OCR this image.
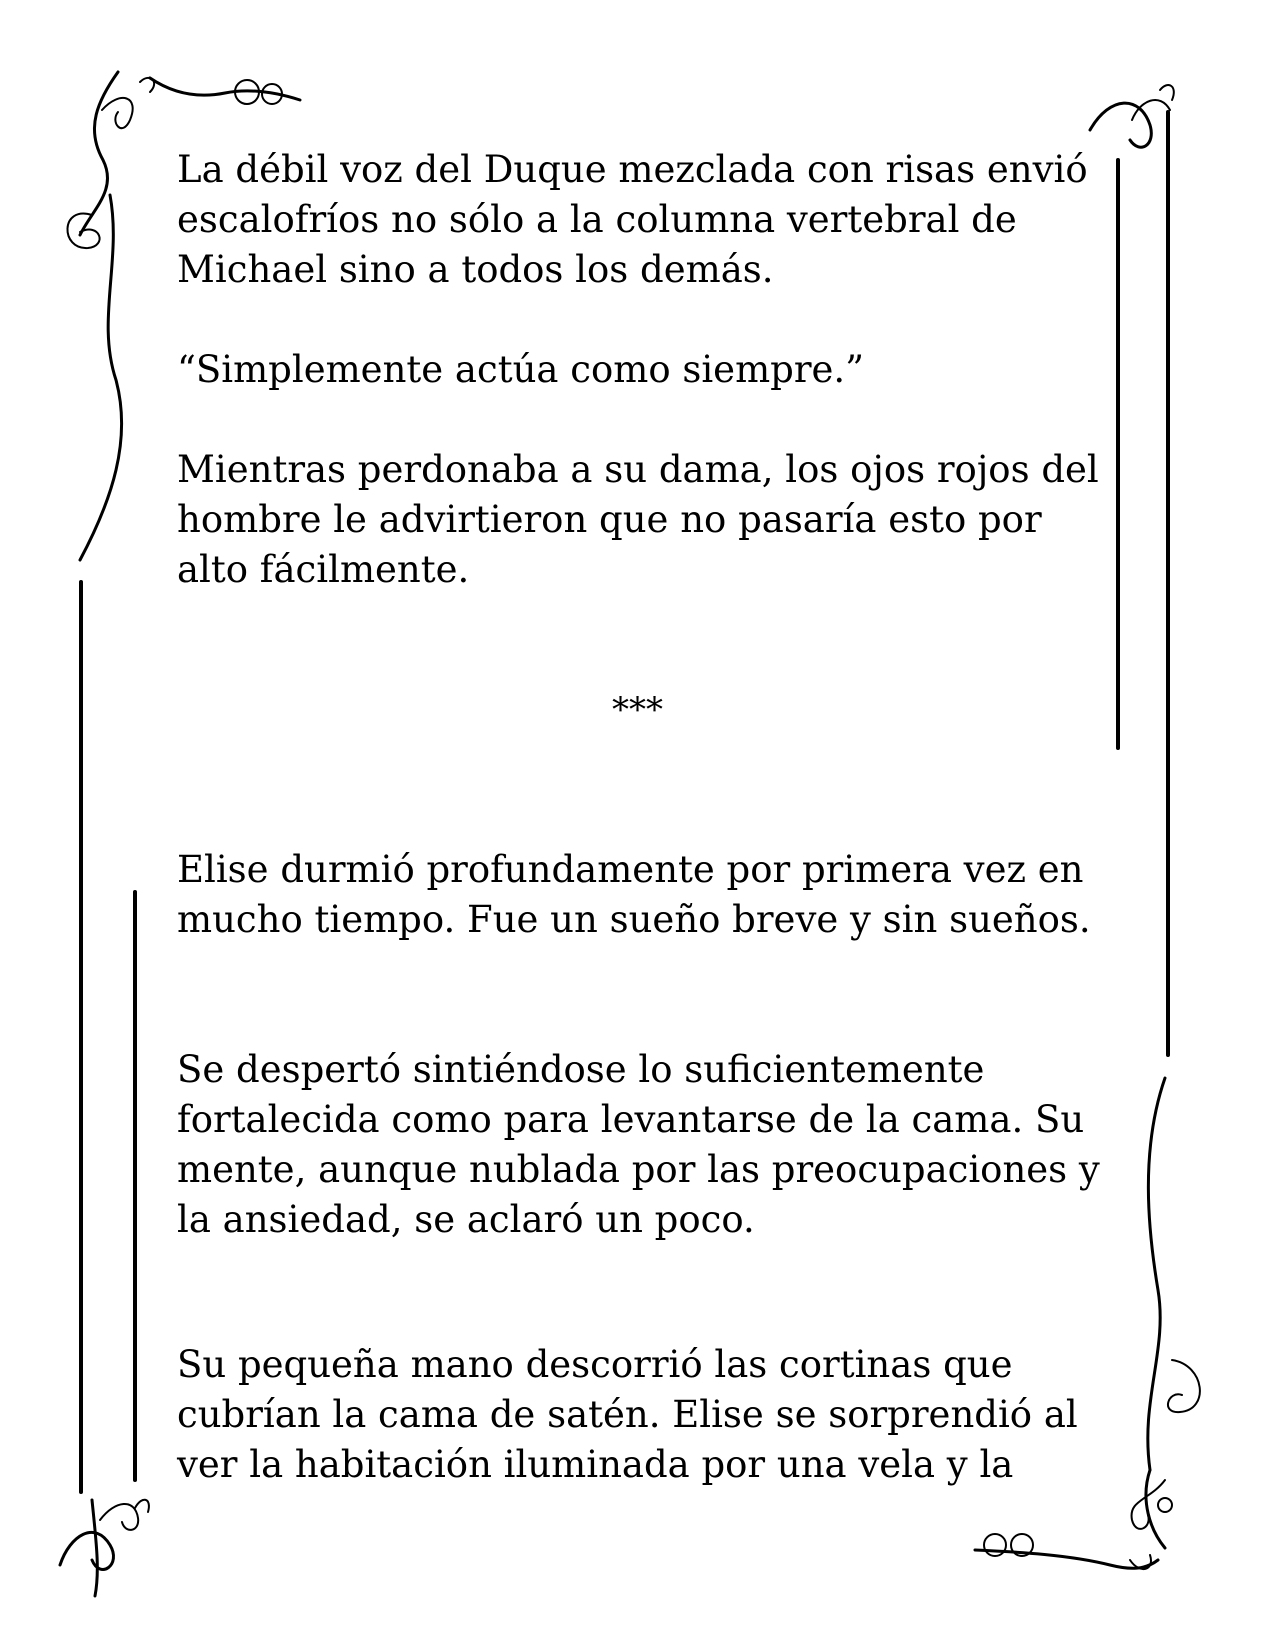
La débil voz del Duque mezclada con risas envió escalofríos no sólo a la columna vertebral de Michael sino a todos los demás.

“Simplemente actúa como siempre.”

Mientras perdonaba a su dama, los ojos rojos del hombre le advirtieron que no pasaría esto por alto fácilmente.

***

Elise durmió profundamente por primera vez en mucho tiempo. Fue un sueño breve y sin sueños.

Se despertó sintiéndose lo suficientemente fortalecida como para levantarse de la cama. Su mente, aunque nublada por las preocupaciones y la ansiedad, se aclaró un poco.

Su pequeña mano descorrió las cortinas que cubrían la cama de satén. Elise se sorprendió al ver la habitación iluminada por una vela y la
